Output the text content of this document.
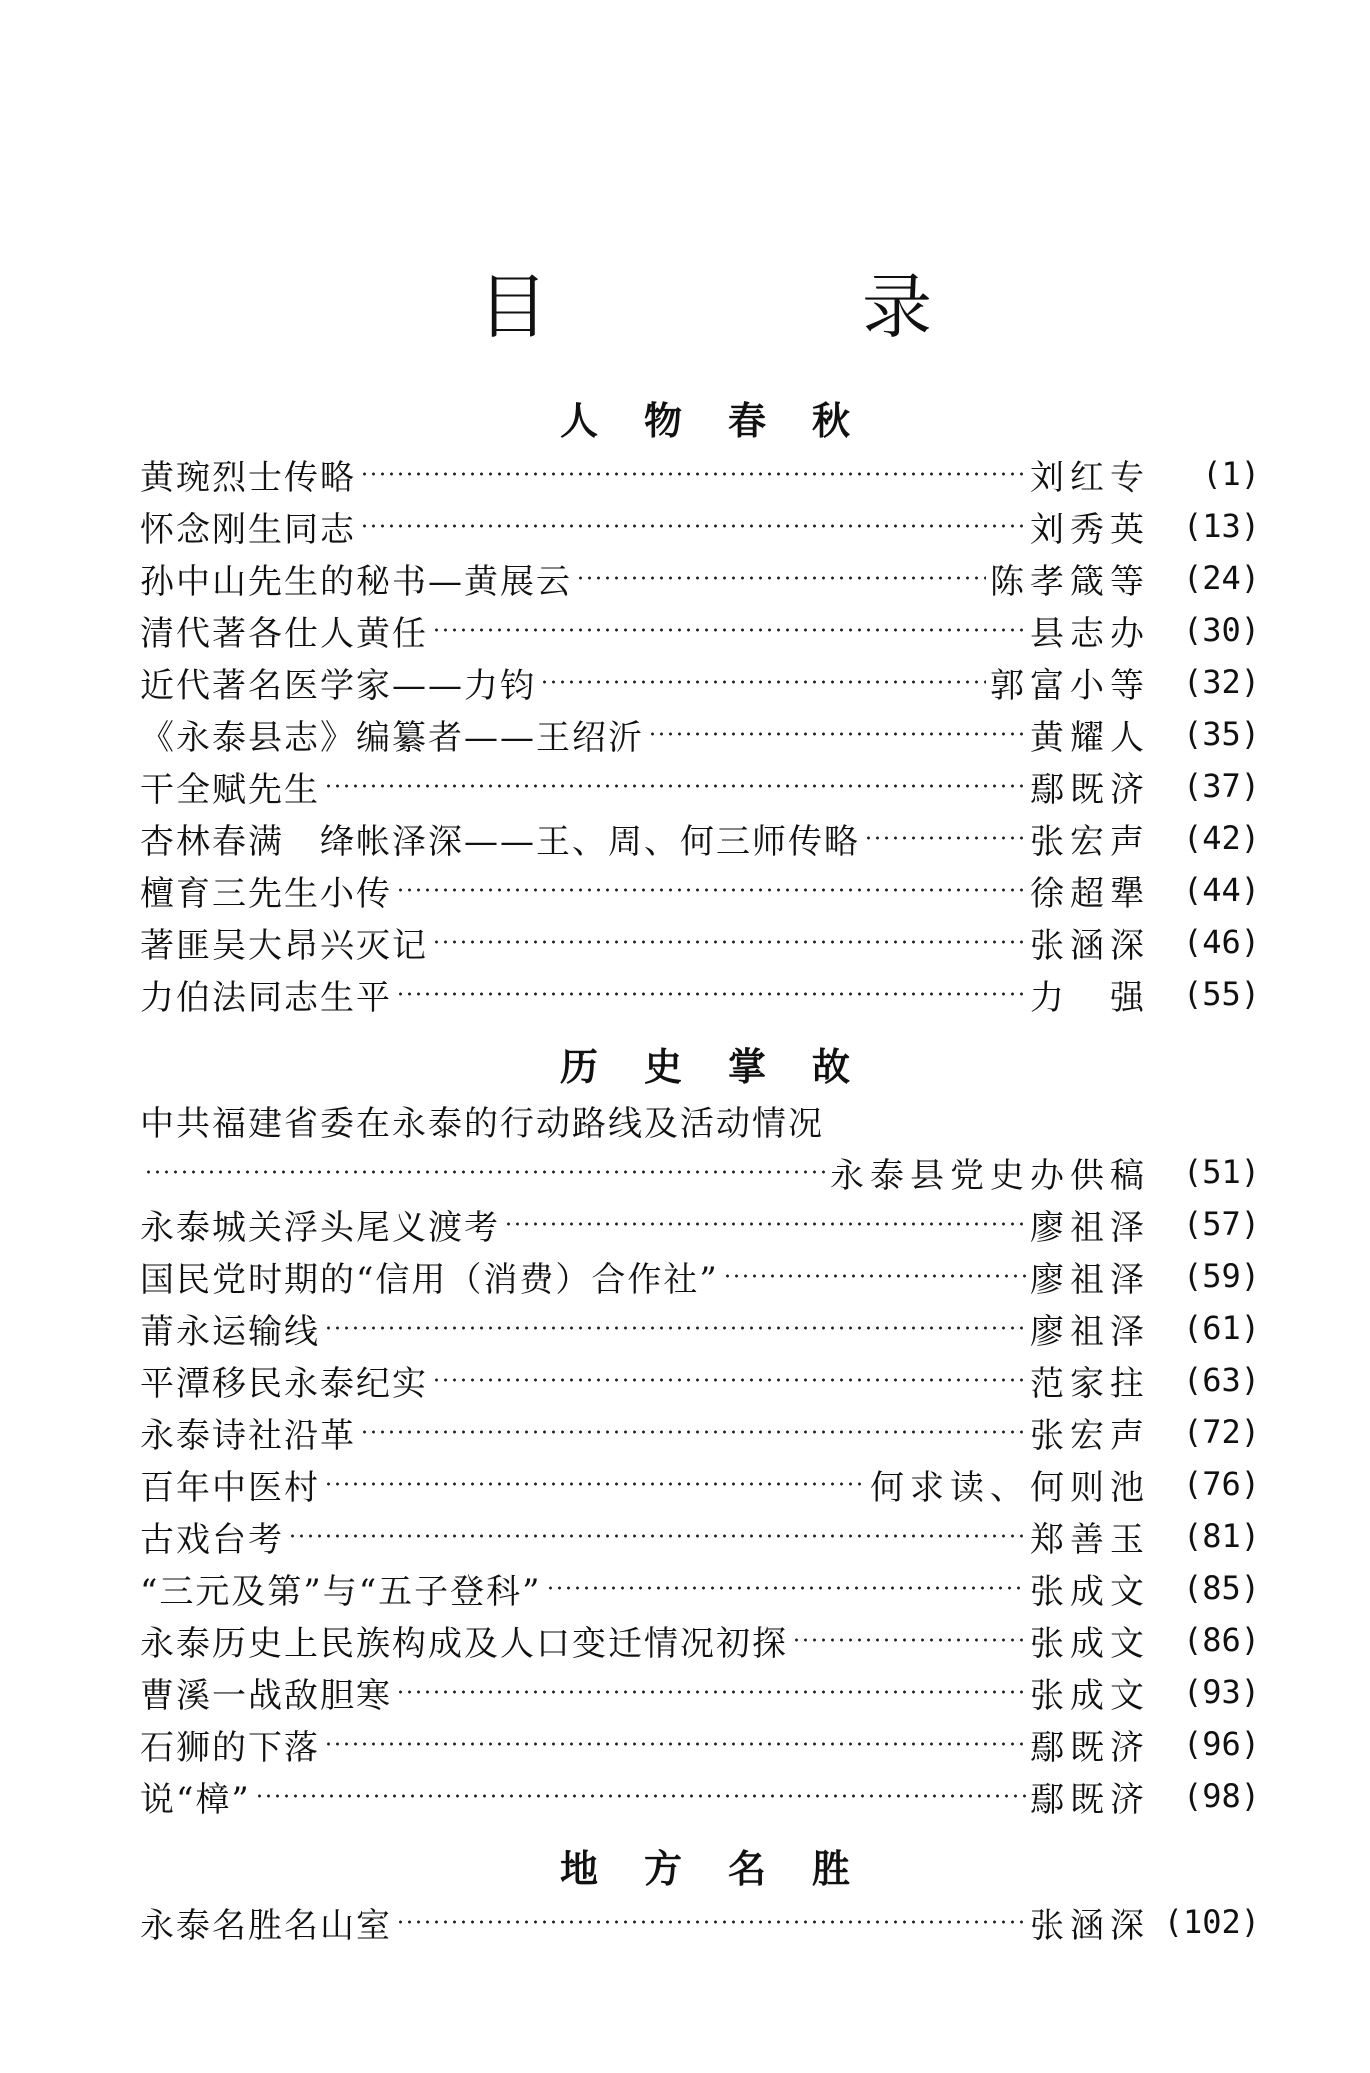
目	录
人 物 春 秋
黄琬烈士传略	刘红专	(1)
怀念刚生同志	刘秀英	(13)
孙中山先生的秘书—黄展云	陈孝箴等	(24)
清代著各仕人黄任	县志办	(30)
近代著名医学家——力钧	郭富小等	(32)
《永泰县志》编纂者——王绍沂	黄耀人	(35)
干全赋先生	鄢既济	(37)
杏林春满　绛帐泽深——王、周、何三师传略	张宏声	(42)
檀育三先生小传	徐超犟	(44)
著匪吴大昂兴灭记	张涵深	(46)
力伯法同志生平	力　强	(55)
历 史 掌 故
中共福建省委在永泰的行动路线及活动情况
永泰县党史办供稿	(51)
永泰城关浮头尾义渡考	廖祖泽	(57)
国民党时期的“信用（消费）合作社”	廖祖泽	(59)
莆永运输线	廖祖泽	(61)
平潭移民永泰纪实	范家拄	(63)
永泰诗社沿革	张宏声	(72)
百年中医村	何求读、何则池	(76)
古戏台考	郑善玉	(81)
“三元及第”与“五子登科”	张成文	(85)
永泰历史上民族构成及人口变迁情况初探	张成文	(86)
曹溪一战敌胆寒	张成文	(93)
石狮的下落	鄢既济	(96)
说“樟”	鄢既济	(98)
地 方 名 胜
永泰名胜名山室	张涵深 (102)
